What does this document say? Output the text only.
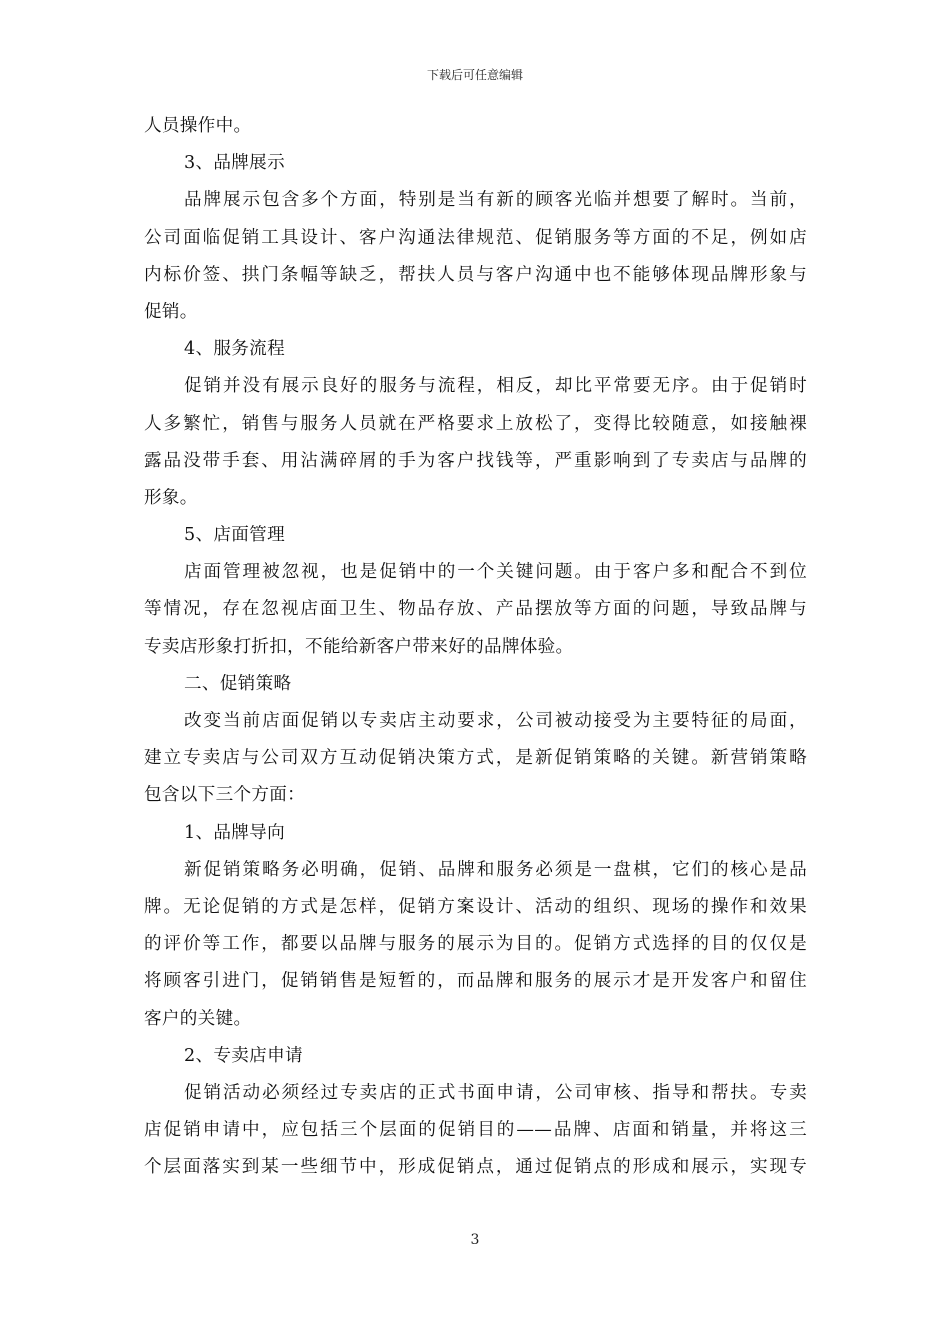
下载后可任意编辑
人员操作中。
3、品牌展示
品牌展示包含多个方面，特别是当有新的顾客光临并想要了解时。当前，
公司面临促销工具设计、客户沟通法律规范、促销服务等方面的不足，例如店
内标价签、拱门条幅等缺乏，帮扶人员与客户沟通中也不能够体现品牌形象与
促销。
4、服务流程
促销并没有展示良好的服务与流程，相反，却比平常要无序。由于促销时
人多繁忙，销售与服务人员就在严格要求上放松了，变得比较随意，如接触裸
露品没带手套、用沾满碎屑的手为客户找钱等，严重影响到了专卖店与品牌的
形象。
5、店面管理
店面管理被忽视，也是促销中的一个关键问题。由于客户多和配合不到位
等情况，存在忽视店面卫生、物品存放、产品摆放等方面的问题，导致品牌与
专卖店形象打折扣，不能给新客户带来好的品牌体验。
二、促销策略
改变当前店面促销以专卖店主动要求，公司被动接受为主要特征的局面，
建立专卖店与公司双方互动促销决策方式，是新促销策略的关键。新营销策略
包含以下三个方面：
1、品牌导向
新促销策略务必明确，促销、品牌和服务必须是一盘棋，它们的核心是品
牌。无论促销的方式是怎样，促销方案设计、活动的组织、现场的操作和效果
的评价等工作，都要以品牌与服务的展示为目的。促销方式选择的目的仅仅是
将顾客引进门，促销销售是短暂的，而品牌和服务的展示才是开发客户和留住
客户的关键。
2、专卖店申请
促销活动必须经过专卖店的正式书面申请，公司审核、指导和帮扶。专卖
店促销申请中，应包括三个层面的促销目的——品牌、店面和销量，并将这三
个层面落实到某一些细节中，形成促销点，通过促销点的形成和展示，实现专
3
